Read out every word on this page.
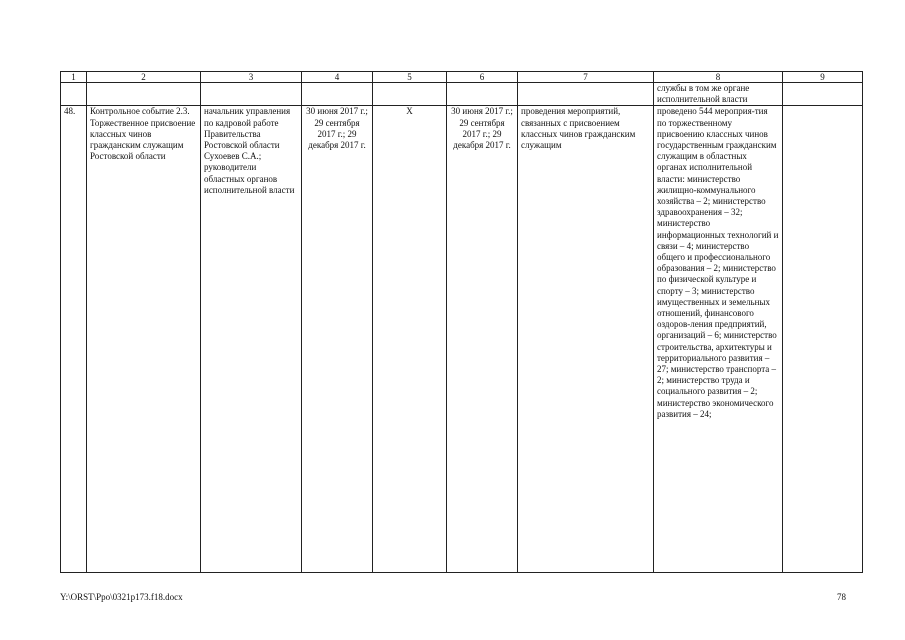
1	2	3	4	5	6	7	8	9
							службы в том же органе исполнительной власти	
48.	Контрольное событие 2.3. Торжественное присвоение классных чинов гражданским служащим Ростовской области	начальник управления по кадровой работе Правительства Ростовской области Сухоевев С.А.; руководители областных органов исполнительной власти	30 июня 2017 г.; 29 сентября 2017 г.; 29 декабря 2017 г.	Х	30 июня 2017 г.; 29 сентября 2017 г.; 29 декабря 2017 г.	проведения мероприятий, связанных с присвоением классных чинов гражданским служащим	проведено 544 мероприя-тия по торжественному присвоению классных чинов государственным гражданским служащим в областных органах исполнительной власти: министерство жилищно-коммунального хозяйства – 2; министерство здравоохранения – 32; министерство информационных технологий и связи – 4; министерство общего и профессионального образования – 2; министерство по физической культуре и спорту – 3; министерство имущественных и земельных отношений, финансового оздоров-ления предприятий, организаций – 6; министерство строительства, архитектуры и территориального развития – 27; министерство транспорта – 2; министерство труда и социального развития – 2; министерство экономического развития – 24;	
Y:\ORST\Ppo\0321p173.f18.docx	78
